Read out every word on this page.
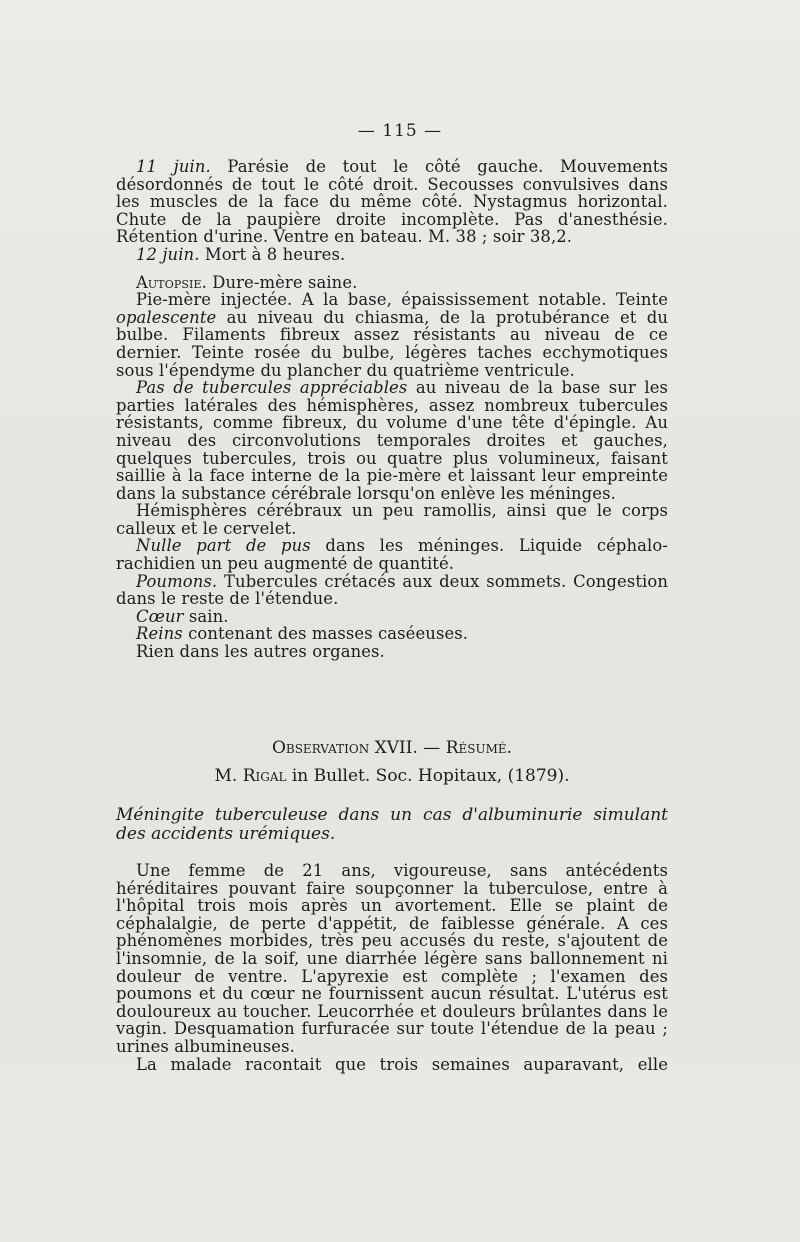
— 115 —

11 juin. Parésie de tout le côté gauche. Mouvements désordonnés de tout le côté droit. Secousses convulsives dans les muscles de la face du même côté. Nystagmus horizontal. Chute de la paupière droite incomplète. Pas d'anesthésie. Rétention d'urine. Ventre en bateau. M. 38 ; soir 38,2.

12 juin. Mort à 8 heures.

Autopsie. Dure-mère saine.

Pie-mère injectée. A la base, épaississement notable. Teinte opalescente au niveau du chiasma, de la protubérance et du bulbe. Filaments fibreux assez résistants au niveau de ce dernier. Teinte rosée du bulbe, légères taches ecchymotiques sous l'épendyme du plancher du quatrième ventricule.

Pas de tubercules appréciables au niveau de la base sur les parties latérales des hémisphères, assez nombreux tubercules résistants, comme fibreux, du volume d'une tête d'épingle. Au niveau des circonvolutions temporales droites et gauches, quelques tubercules, trois ou quatre plus volumineux, faisant saillie à la face interne de la pie-mère et laissant leur empreinte dans la substance cérébrale lorsqu'on enlève les méninges.

Hémisphères cérébraux un peu ramollis, ainsi que le corps calleux et le cervelet.

Nulle part de pus dans les méninges. Liquide céphalo-rachidien un peu augmenté de quantité.

Poumons. Tubercules crétacés aux deux sommets. Congestion dans le reste de l'étendue.

Cœur sain.

Reins contenant des masses caséeuses.

Rien dans les autres organes.

Observation XVII. — Résumé.
M. Rigal in Bullet. Soc. Hopitaux, (1879).

Méningite tuberculeuse dans un cas d'albuminurie simulant

des accidents urémiques.

Une femme de 21 ans, vigoureuse, sans antécédents héréditaires pouvant faire soupçonner la tuberculose, entre à l'hôpital trois mois après un avortement. Elle se plaint de céphalalgie, de perte d'appétit, de faiblesse générale. A ces phénomènes morbides, très peu accusés du reste, s'ajoutent de l'insomnie, de la soif, une diarrhée légère sans ballonnement ni douleur de ventre. L'apyrexie est complète ; l'examen des poumons et du cœur ne fournissent aucun résultat. L'utérus est douloureux au toucher. Leucorrhée et douleurs brûlantes dans le vagin. Desquamation furfuracée sur toute l'étendue de la peau ; urines albumineuses.

La malade racontait que trois semaines auparavant, elle
